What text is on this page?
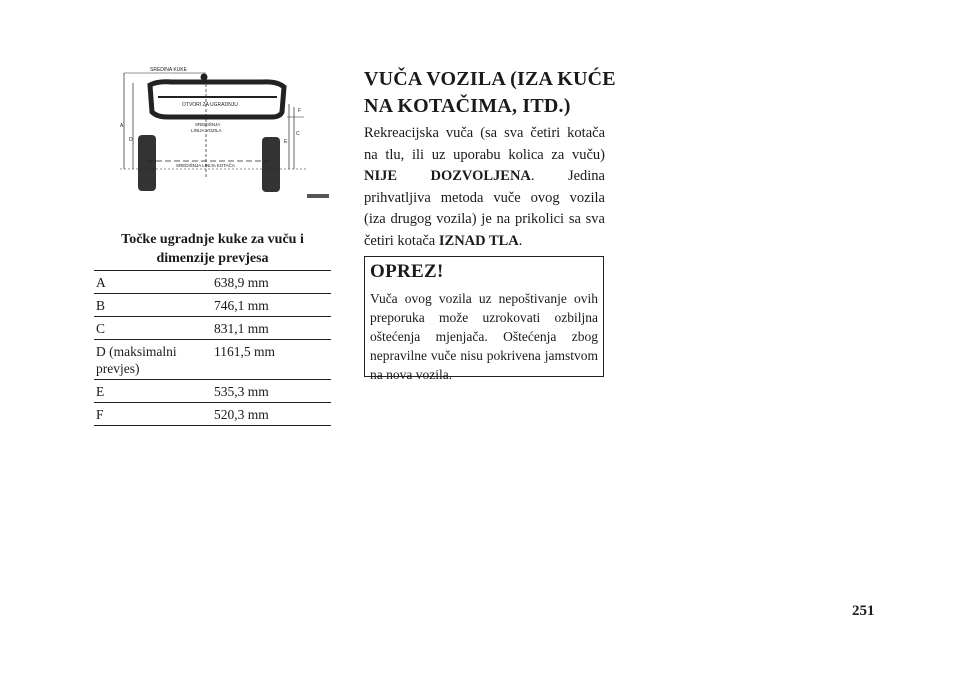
SREDINA KUKE
OTVORI ZA UGRADNJU
SREDIŠNJA
LINIJA VOZILA
SREDIŠNJA LINIJA KOTAČA
A
D
C
E
F
Točke ugradnje kuke za vuču i dimenzije prevjesa
A	638,9 mm
B	746,1 mm
C	831,1 mm
D (maksimalni prevjes)	1161,5 mm
E	535,3 mm
F	520,3 mm
VUČA VOZILA (IZA KUĆE
NA KOTAČIMA, ITD.)

Rekreacijska vuča (sa sva četiri kotača na tlu, ili uz uporabu kolica za vuču) NIJE DOZVOLJENA. Jedina prihvatljiva metoda vuče ovog vozila (iza drugog vozila) je na prikolici sa sva četiri kotača IZNAD TLA.

OPREZ!

Vuča ovog vozila uz nepoštivanje ovih preporuka može uzrokovati ozbiljna oštećenja mjenjača. Oštećenja zbog nepravilne vuče nisu pokrivena jamstvom na nova vozila.

251
